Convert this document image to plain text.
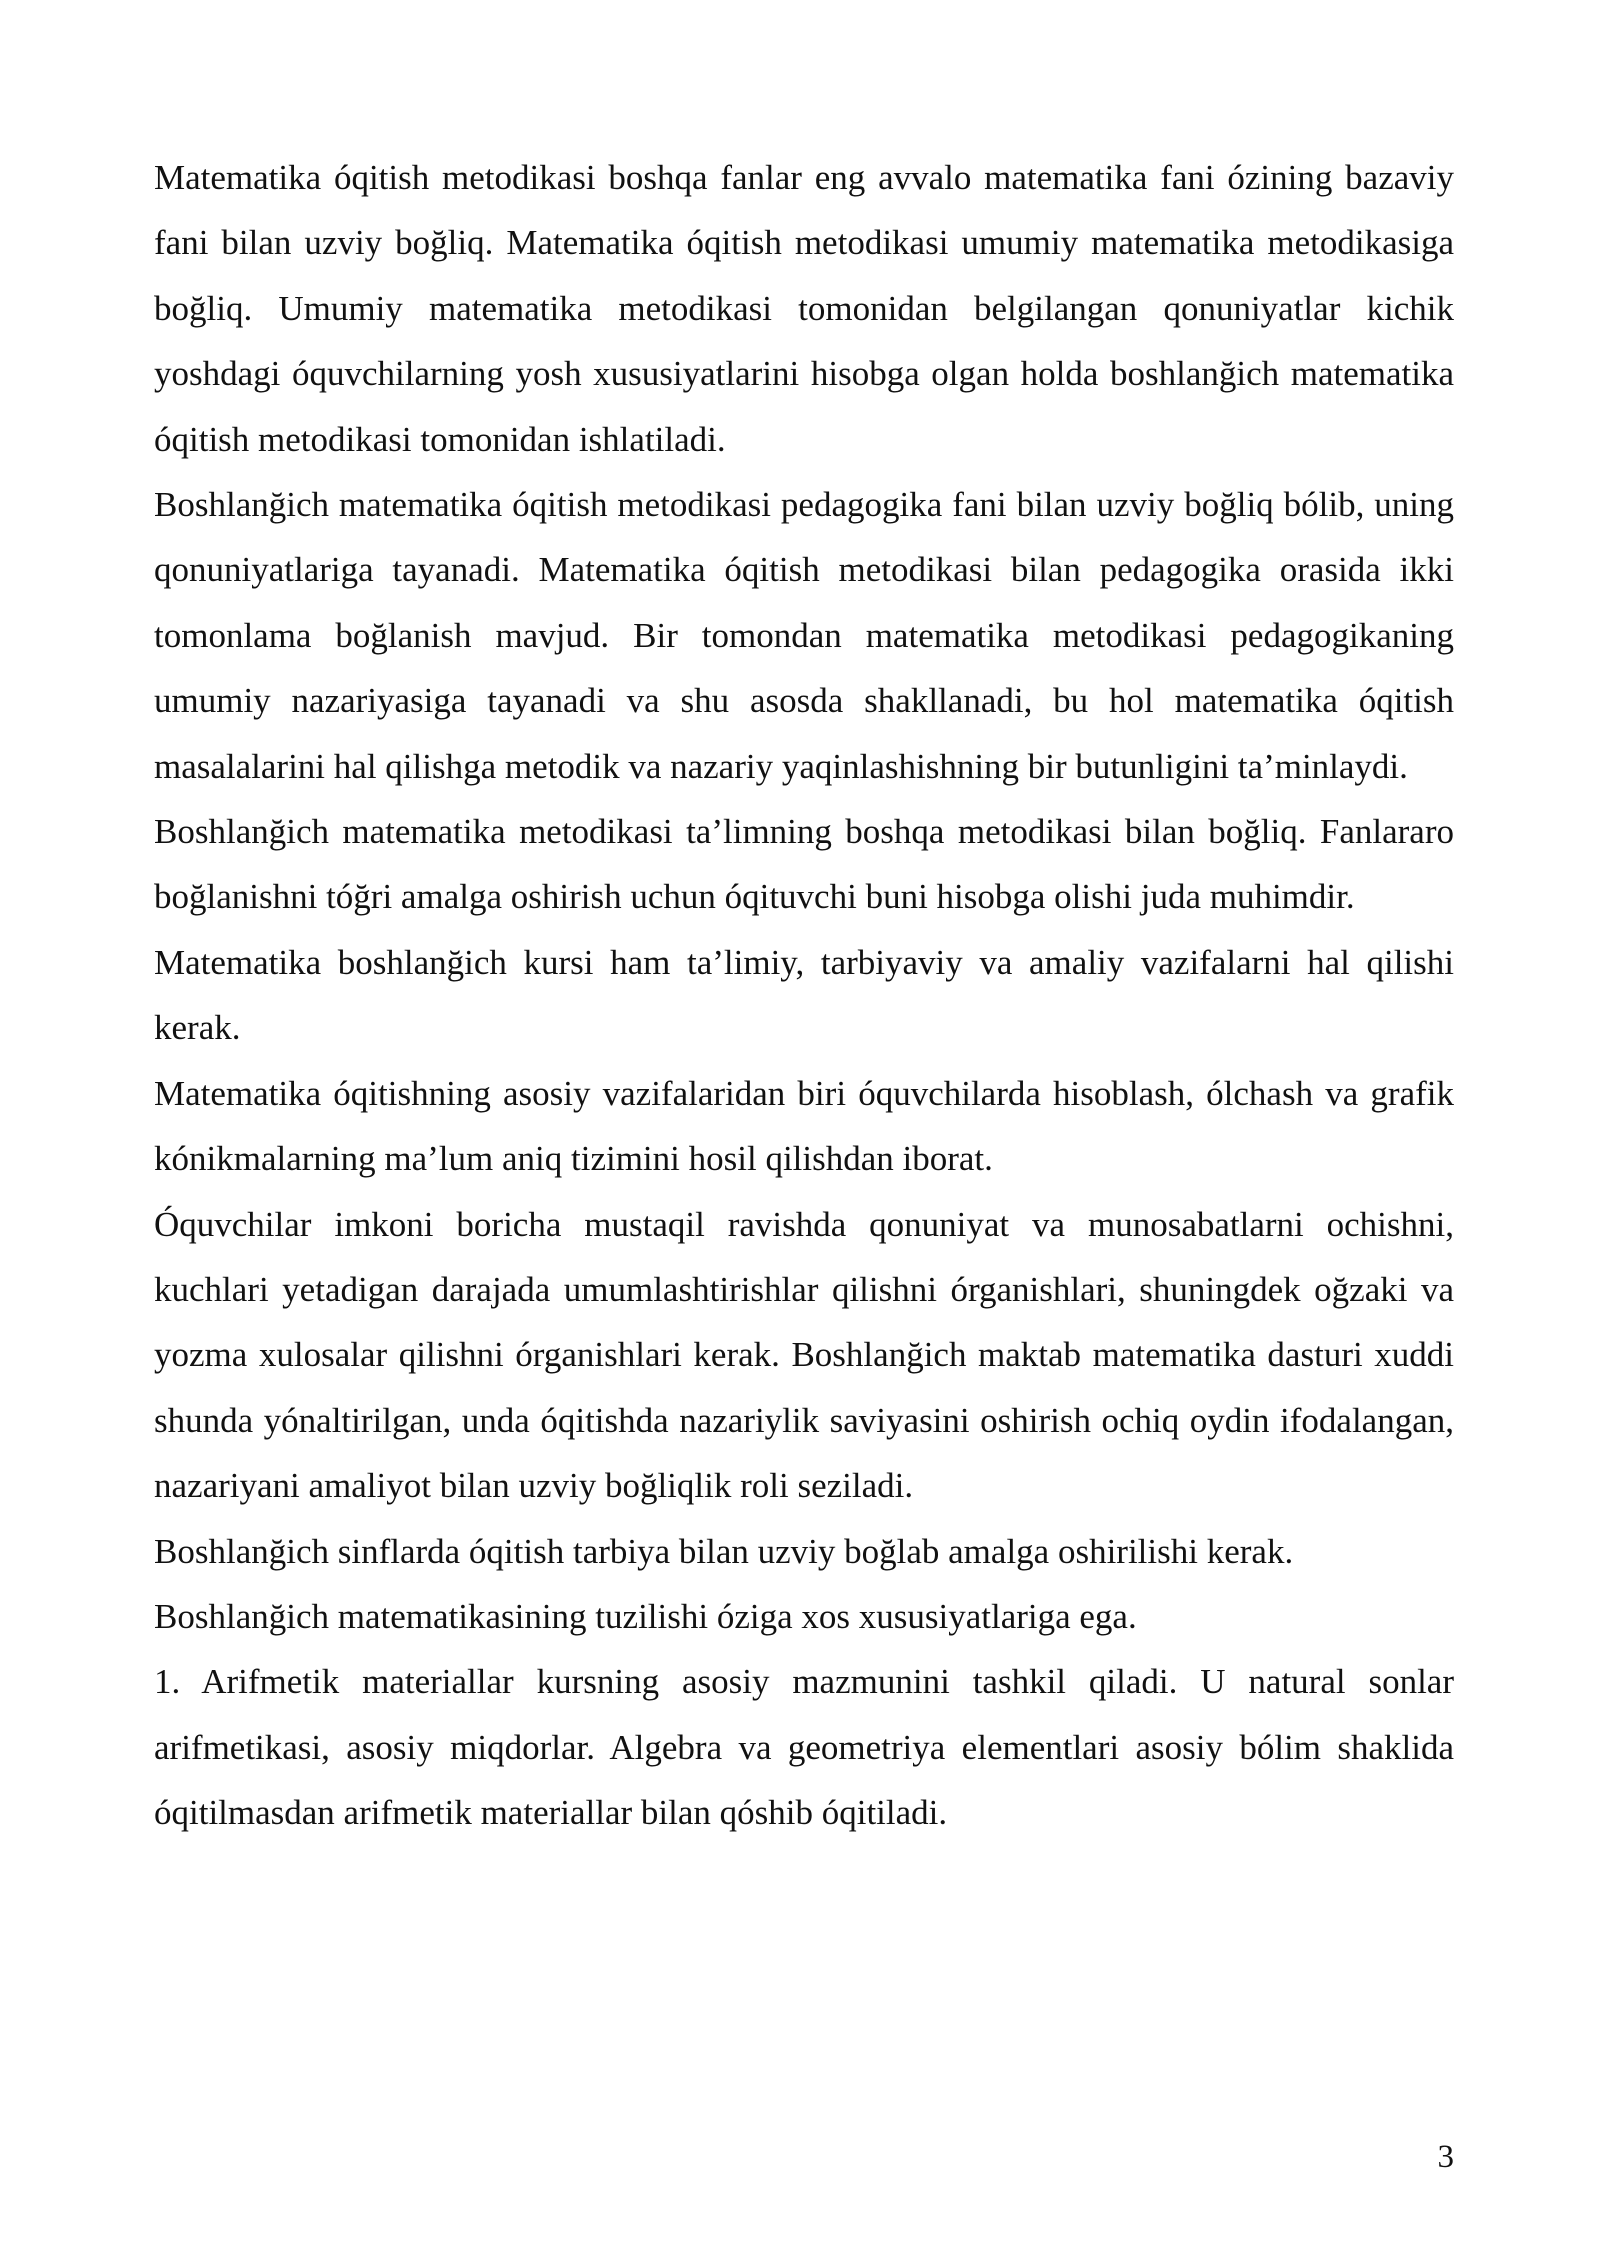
Matematika óqitish metodikasi boshqa fanlar eng avvalo matematika fani ózining bazaviy fani bilan uzviy boğliq. Matematika óqitish metodikasi umumiy matematika metodikasiga boğliq. Umumiy matematika metodikasi tomonidan belgilangan qonuniyatlar kichik yoshdagi óquvchilarning yosh xususiyatlarini hisobga olgan holda boshlanğich matematika óqitish metodikasi tomonidan ishlatiladi.

Boshlanğich matematika óqitish metodikasi pedagogika fani bilan uzviy boğliq bólib, uning qonuniyatlariga tayanadi. Matematika óqitish metodikasi bilan pedagogika orasida ikki tomonlama boğlanish mavjud. Bir tomondan matematika metodikasi pedagogikaning umumiy nazariyasiga tayanadi va shu asosda shakllanadi, bu hol matematika óqitish masalalarini hal qilishga metodik va nazariy yaqinlashishning bir butunligini ta’minlaydi.

Boshlanğich matematika metodikasi ta’limning boshqa metodikasi bilan boğliq. Fanlararo boğlanishni tóğri amalga oshirish uchun óqituvchi buni hisobga olishi juda muhimdir.

Matematika boshlanğich kursi ham ta’limiy, tarbiyaviy va amaliy vazifalarni hal qilishi kerak.

Matematika óqitishning asosiy vazifalaridan biri óquvchilarda hisoblash, ólchash va grafik kónikmalarning ma’lum aniq tizimini hosil qilishdan iborat.

Óquvchilar imkoni boricha mustaqil ravishda qonuniyat va munosabatlarni ochishni, kuchlari yetadigan darajada umumlashtirishlar qilishni órganishlari, shuningdek oğzaki va yozma xulosalar qilishni órganishlari kerak. Boshlanğich maktab matematika dasturi xuddi shunda yónaltirilgan, unda óqitishda nazariylik saviyasini oshirish ochiq oydin ifodalangan, nazariyani amaliyot bilan uzviy boğliqlik roli seziladi.

Boshlanğich sinflarda óqitish tarbiya bilan uzviy boğlab amalga oshirilishi kerak.

Boshlanğich matematikasining tuzilishi óziga xos xususiyatlariga ega.

1. Arifmetik materiallar kursning asosiy mazmunini tashkil qiladi. U natural sonlar arifmetikasi, asosiy miqdorlar. Algebra va geometriya elementlari asosiy bólim shaklida óqitilmasdan arifmetik materiallar bilan qóshib óqitiladi.

3
